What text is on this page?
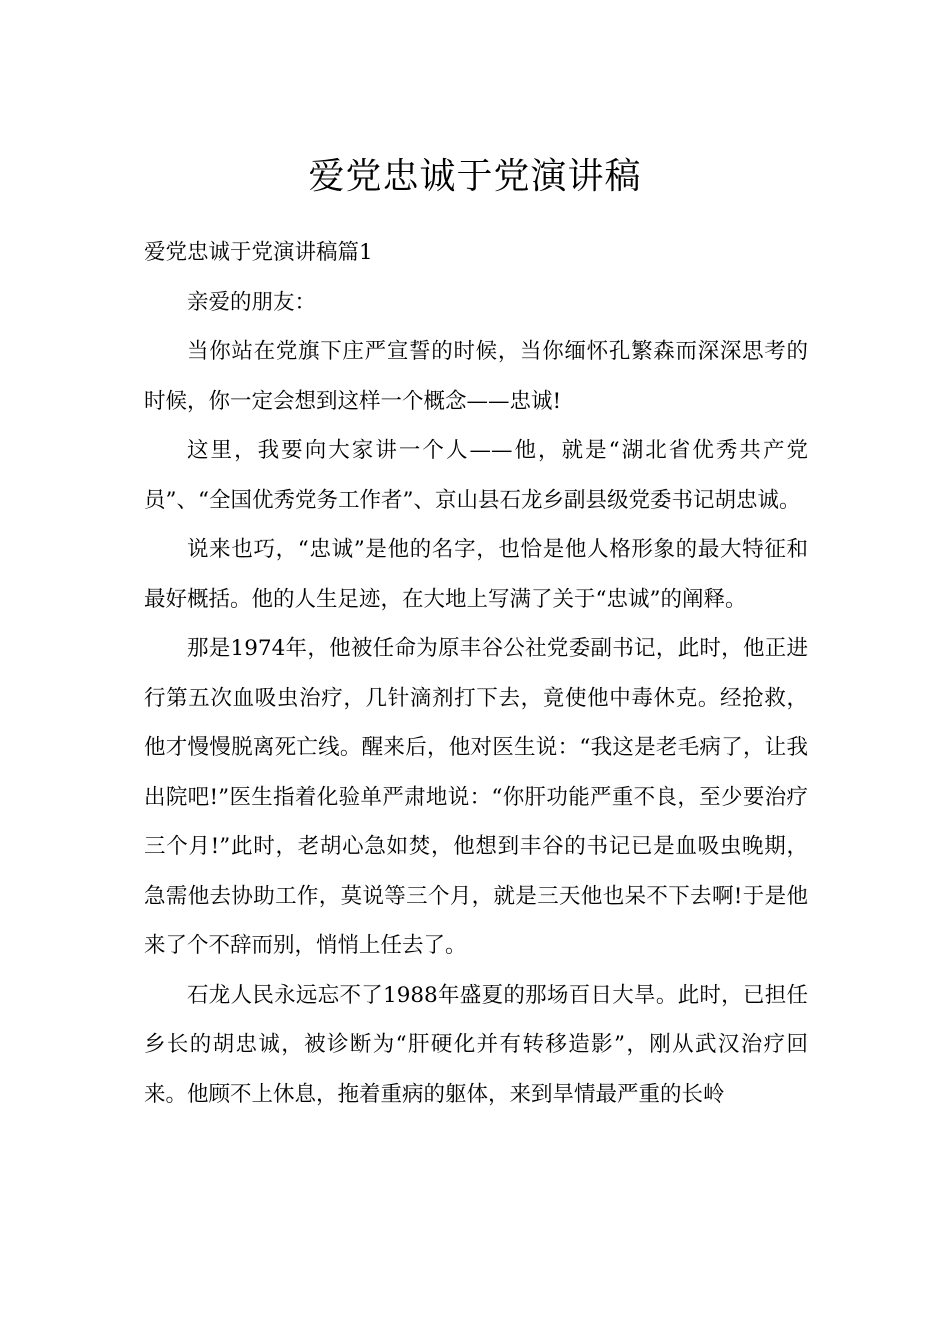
爱党忠诚于党演讲稿
爱党忠诚于党演讲稿篇1

亲爱的朋友：

当你站在党旗下庄严宣誓的时候，当你缅怀孔繁森而深深思考的时候，你一定会想到这样一个概念——忠诚!

这里，我要向大家讲一个人——他，就是“湖北省优秀共产党员”、“全国优秀党务工作者”、京山县石龙乡副县级党委书记胡忠诚。

说来也巧，“忠诚”是他的名字，也恰是他人格形象的最大特征和最好概括。他的人生足迹，在大地上写满了关于“忠诚”的阐释。

那是1974年，他被任命为原丰谷公社党委副书记，此时，他正进行第五次血吸虫治疗，几针滴剂打下去，竟使他中毒休克。经抢救，他才慢慢脱离死亡线。醒来后，他对医生说：“我这是老毛病了，让我出院吧!”医生指着化验单严肃地说：“你肝功能严重不良，至少要治疗三个月!”此时，老胡心急如焚，他想到丰谷的书记已是血吸虫晚期，急需他去协助工作，莫说等三个月，就是三天他也呆不下去啊!于是他来了个不辞而别，悄悄上任去了。

石龙人民永远忘不了1988年盛夏的那场百日大旱。此时，已担任乡长的胡忠诚，被诊断为“肝硬化并有转移造影”，刚从武汉治疗回来。他顾不上休息，拖着重病的躯体，来到旱情最严重的长岭
